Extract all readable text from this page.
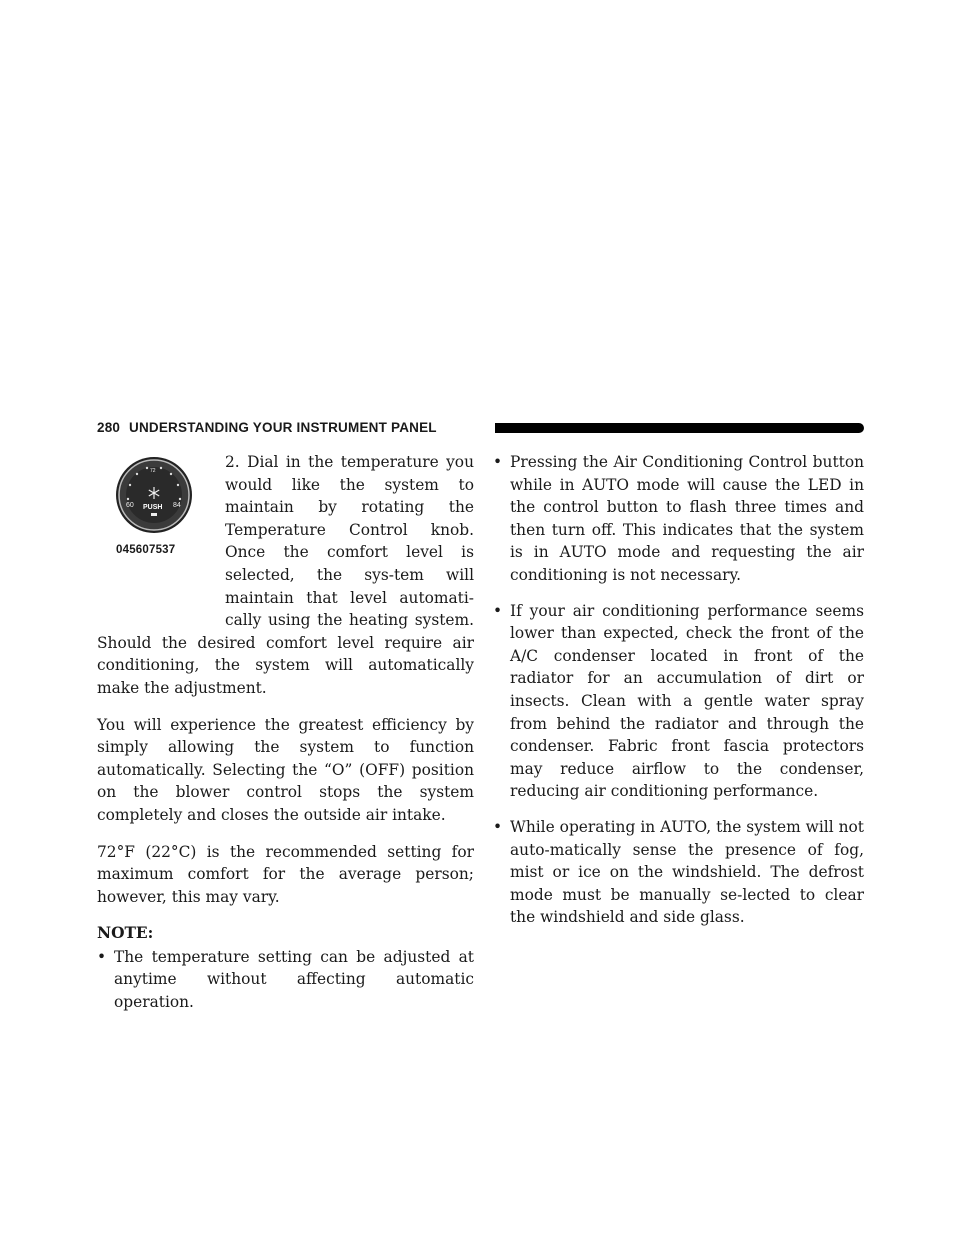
280 UNDERSTANDING YOUR INSTRUMENT PANEL
60	84
72
PUSH
045607537

2. Dial in the temperature you would like the system to maintain by rotating the Temperature Control knob. Once the comfort level is selected, the sys-tem will maintain that level automati-cally using the heating system. Should the desired comfort level require air conditioning, the system will automatically make the adjustment.

You will experience the greatest efficiency by simply allowing the system to function automatically. Selecting the “O” (OFF) position on the blower control stops the system completely and closes the outside air intake.

72°F (22°C) is the recommended setting for maximum comfort for the average person; however, this may vary.

NOTE:
• The temperature setting can be adjusted at anytime without affecting automatic operation.
• Pressing the Air Conditioning Control button while in AUTO mode will cause the LED in the control button to flash three times and then turn off. This indicates that the system is in AUTO mode and requesting the air conditioning is not necessary.
• If your air conditioning performance seems lower than expected, check the front of the A/C condenser located in front of the radiator for an accumulation of dirt or insects. Clean with a gentle water spray from behind the radiator and through the condenser. Fabric front fascia protectors may reduce airflow to the condenser, reducing air conditioning performance.
• While operating in AUTO, the system will not auto-matically sense the presence of fog, mist or ice on the windshield. The defrost mode must be manually se-lected to clear the windshield and side glass.
